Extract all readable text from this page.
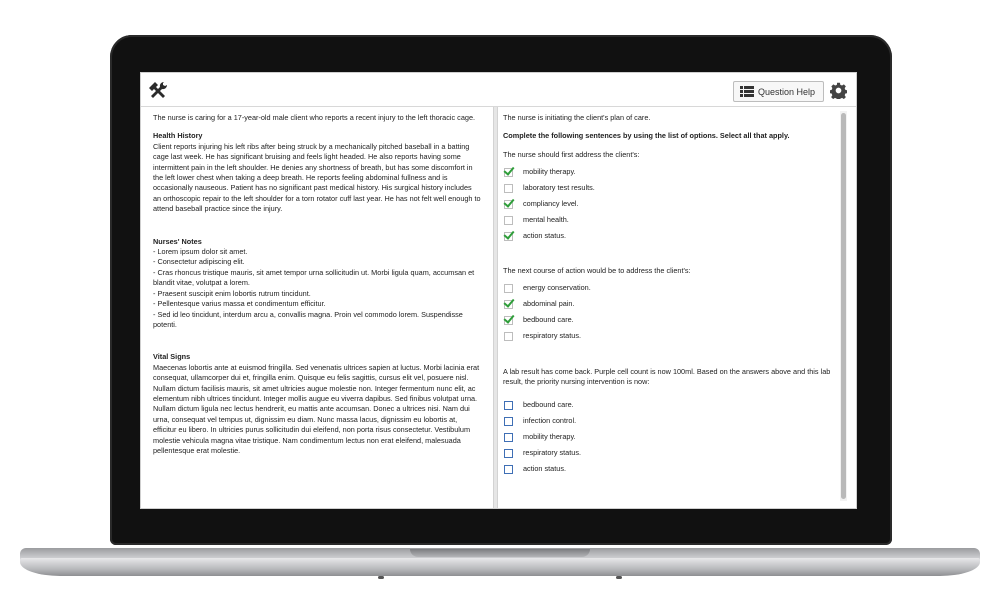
Question Help

The nurse is caring for a 17-year-old male client who reports a recent injury to the left thoracic cage.

Health History

Client reports injuring his left ribs after being struck by a mechanically pitched baseball in a batting cage last week. He has significant bruising and feels light headed. He also reports having some intermittent pain in the left shoulder. He denies any shortness of breath, but has some discomfort in the left lower chest when taking a deep breath. He reports feeling abdominal fullness and is occasionally nauseous. Patient has no significant past medical history. His surgical history includes an orthoscopic repair to the left shoulder for a torn rotator cuff last year. He has not felt well enough to attend baseball practice since the injury.

Nurses' Notes

- Lorem ipsum dolor sit amet.

- Consectetur adipiscing elit.

- Cras rhoncus tristique mauris, sit amet tempor urna sollicitudin ut. Morbi ligula quam, accumsan et blandit vitae, volutpat a lorem.

- Praesent suscipit enim lobortis rutrum tincidunt.

- Pellentesque varius massa et condimentum efficitur.

- Sed id leo tincidunt, interdum arcu a, convallis magna. Proin vel commodo lorem. Suspendisse potenti.

Vital Signs

Maecenas lobortis ante at euismod fringilla. Sed venenatis ultrices sapien at luctus. Morbi lacinia erat consequat, ullamcorper dui et, fringilla enim. Quisque eu felis sagittis, cursus elit vel, posuere nisl. Nullam dictum facilisis mauris, sit amet ultricies augue molestie non. Integer fermentum nunc elit, ac elementum nibh ultrices tincidunt. Integer mollis augue eu viverra dapibus. Sed finibus volutpat urna. Nullam dictum ligula nec lectus hendrerit, eu mattis ante accumsan. Donec a ultrices nisi. Nam dui urna, consequat vel tempus ut, dignissim eu diam. Nunc massa lacus, dignissim eu lobortis at, efficitur eu libero. In ultricies purus sollicitudin dui eleifend, non porta risus consectetur. Vestibulum molestie vehicula magna vitae tristique. Nam condimentum lectus non erat eleifend, malesuada pellentesque erat molestie.

The nurse is initiating the client's plan of care.

Complete the following sentences by using the list of options. Select all that apply.

The nurse should first address the client's:

mobility therapy.
laboratory test results.
compliancy level.
mental health.
action status.

The next course of action would be to address the client's:

energy conservation.
abdominal pain.
bedbound care.
respiratory status.

A lab result has come back. Purple cell count is now 100ml. Based on the answers above and this lab result, the priority nursing intervention is now:

bedbound care.
infection control.
mobility therapy.
respiratory status.
action status.
